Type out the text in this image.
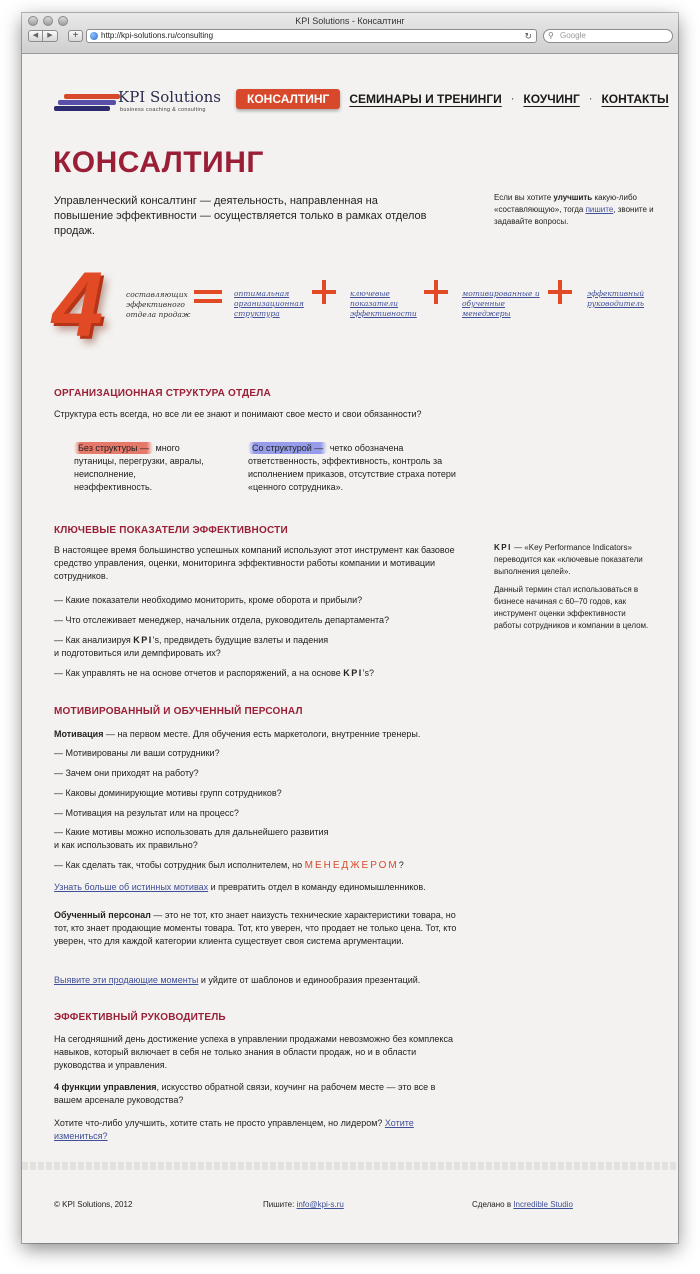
KPI Solutions - Консалтинг
◀	▶	+	http://kpi-solutions.ru/consulting	↻ ⚲ Google
KPI Solutions
business coaching & consulting
КОНСАЛТИНГ	СЕМИНАРЫ И ТРЕНИНГИ · КОУЧИНГ · КОНТАКТЫ
КОНСАЛТИНГ
Управленческий консалтинг — деятельность, направленная на повышение эффективности — осуществляется только в рамках отделов продаж.
Если вы хотите улучшить какую-либо «составляющую», тогда пишите, звоните и задавайте вопросы.
4	составляющих эффективного отдела продаж
оптимальная организационная структура
ключевые показатели эффективности
мотивированные и обученные менеджеры
эффективный руководитель
ОРГАНИЗАЦИОННАЯ СТРУКТУРА ОТДЕЛА
Структура есть всегда, но все ли ее знают и понимают свое место и свои обязанности?
Без структуры — много путаницы, перегрузки, авралы, неисполнение, неэффективность.
Со структурой — четко обозначена ответственность, эффективность, контроль за исполнением приказов, отсутствие страха потери «ценного сотрудника».
КЛЮЧЕВЫЕ ПОКАЗАТЕЛИ ЭФФЕКТИВНОСТИ
В настоящее время большинство успешных компаний используют этот инструмент как базовое средство управления, оценки, мониторинга эффективности работы компании и мотивации сотрудников.
— Какие показатели необходимо мониторить, кроме оборота и прибыли?
— Что отслеживает менеджер, начальник отдела, руководитель департамента?
— Как анализируя KPI's, предвидеть будущие взлеты и падения
и подготовиться или демпфировать их?
— Как управлять не на основе отчетов и распоряжений, а на основе KPI's?

KPI — «Key Performance Indicators» переводится как «ключевые показатели выполнения целей».

Данный термин стал использоваться в бизнесе начиная с 60–70 годов, как инструмент оценки эффективности работы сотрудников и компании в целом.

МОТИВИРОВАННЫЙ И ОБУЧЕННЫЙ ПЕРСОНАЛ
Мотивация — на первом месте. Для обучения есть маркетологи, внутренние тренеры.
— Мотивированы ли ваши сотрудники?
— Зачем они приходят на работу?
— Каковы доминирующие мотивы групп сотрудников?
— Мотивация на результат или на процесс?
— Какие мотивы можно использовать для дальнейшего развития
и как использовать их правильно?
— Как сделать так, чтобы сотрудник был исполнителем, но МЕНЕДЖЕРОМ?
Узнать больше об истинных мотивах и превратить отдел в команду единомышленников.
Обученный персонал — это не тот, кто знает наизусть технические характеристики товара, но тот, кто знает продающие моменты товара. Тот, кто уверен, что продает не только цена. Тот, кто уверен, что для каждой категории клиента существует своя система аргументации.
Выявите эти продающие моменты и уйдите от шаблонов и единообразия презентаций.
ЭФФЕКТИВНЫЙ РУКОВОДИТЕЛЬ
На сегодняшний день достижение успеха в управлении продажами невозможно без комплекса навыков, который включает в себя не только знания в области продаж, но и в области руководства и управления.
4 функции управления, искусство обратной связи, коучинг на рабочем месте — это все в вашем арсенале руководства?
Хотите что-либо улучшить, хотите стать не просто управленцем, но лидером? Хотите измениться?
© KPI Solutions, 2012	Пишите: info@kpi-s.ru	Сделано в Incredible Studio
